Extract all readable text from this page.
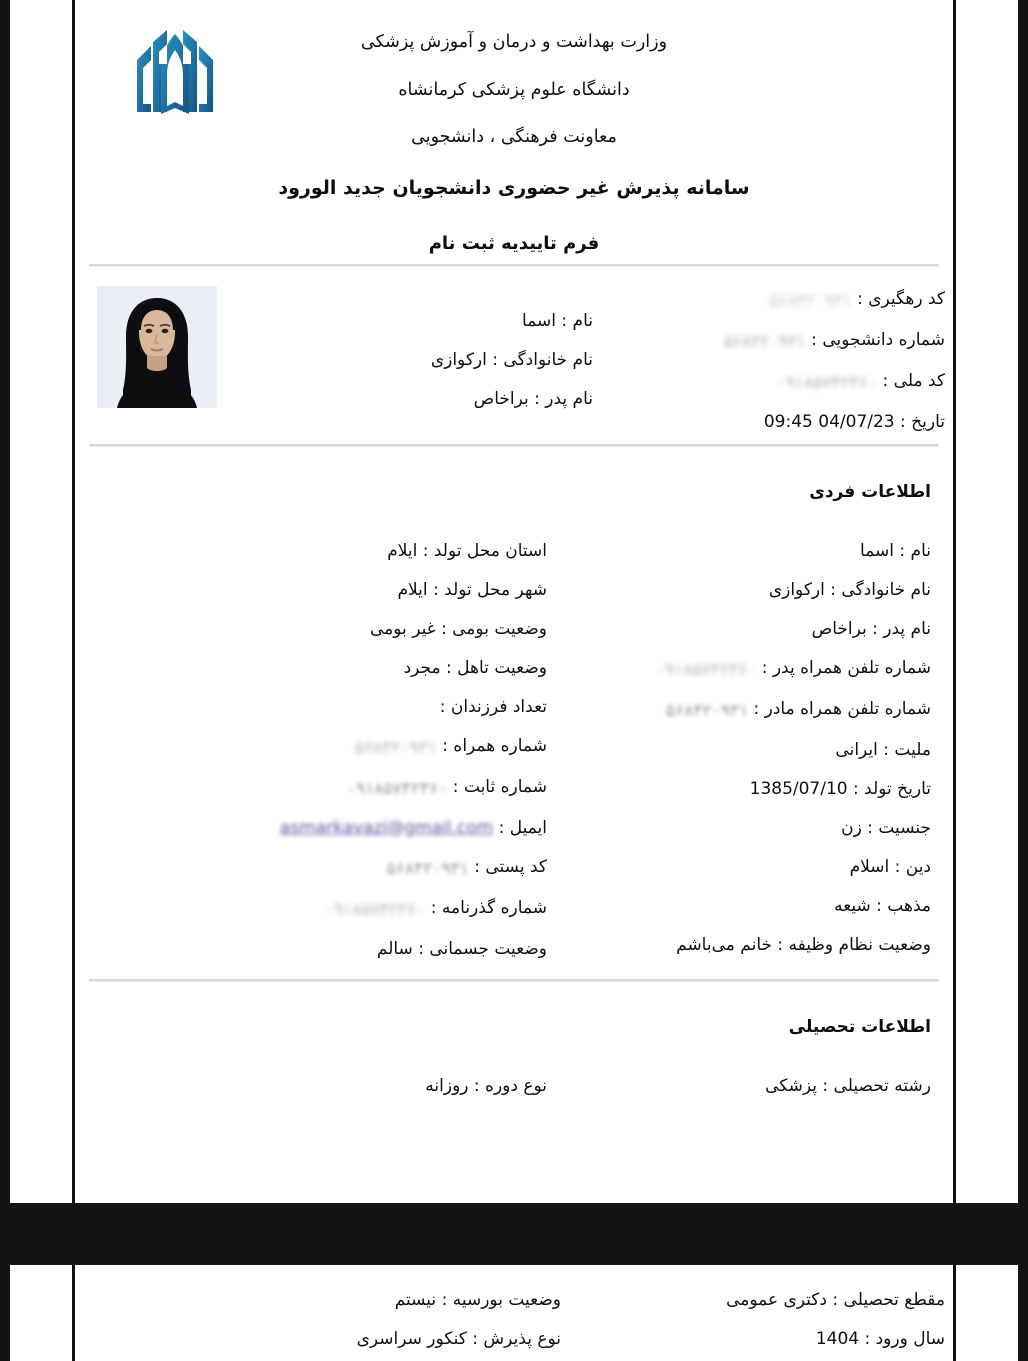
وزارت بهداشت و درمان و آموزش پزشکی

دانشگاه علوم پزشکی کرمانشاه

معاونت فرهنگی ، دانشجویی

سامانه پذیرش غیر حضوری دانشجویان جدید الورود

فرم تاییدیه ثبت نام

کد رهگیری : ۵۶۸۴۲۰۹۳۱
شماره دانشجویی : ۵۶۸۴۲۰۹۳۱
کد ملی : ۰۹۱۸۵۷۴۲۳۶۰
تاریخ : 04/07/23 09:45
نام : اسما
نام خانوادگی : ارکوازی
نام پدر : براخاص
اطلاعات فردی
نام : اسما
نام خانوادگی : ارکوازی
نام پدر : براخاص
شماره تلفن همراه پدر : ۰۹۱۸۵۷۴۲۳۶۰
شماره تلفن همراه مادر : ۵۶۸۴۲۰۹۳۱
ملیت : ایرانی
تاریخ تولد : 1385/07/10
جنسیت : زن
دین : اسلام
مذهب : شیعه
وضعیت نظام وظیفه : خانم می‌باشم
استان محل تولد : ایلام
شهر محل تولد : ایلام
وضعیت بومی : غیر بومی
وضعیت تاهل : مجرد
تعداد فرزندان :
شماره همراه : ۵۶۸۴۲۰۹۳۱
شماره ثابت : ۰۹۱۸۵۷۴۲۳۶۰
ایمیل : asmarkavazi@gmail.com
کد پستی : ۵۶۸۴۲۰۹۳۱
شماره گذرنامه : ۰۹۱۸۵۷۴۲۳۶۰
وضعیت جسمانی : سالم
اطلاعات تحصیلی
رشته تحصیلی : پزشکی
نوع دوره : روزانه
مقطع تحصیلی : دکتری عمومی
سال ورود : 1404
وضعیت بورسیه : نیستم
نوع پذیرش : کنکور سراسری
